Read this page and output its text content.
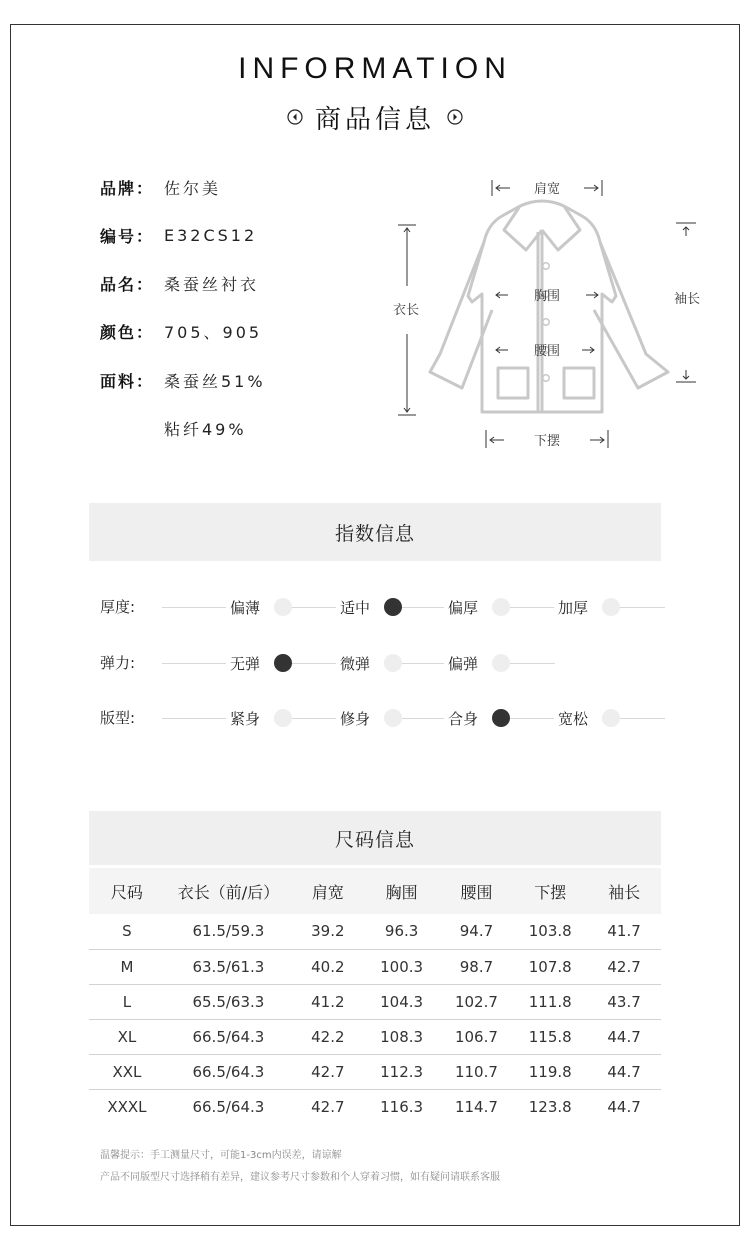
INFORMATION
商品信息
品牌： 佐尔美
编号： E32CS12
品名： 桑蚕丝衬衣
颜色： 705、905
面料： 桑蚕丝51%
粘纤49%
肩宽
下摆
衣长
袖长
胸围
腰围
指数信息
厚度:	偏薄	适中	偏厚	加厚
弹力:	无弹	微弹	偏弹
版型:	紧身	修身	合身	宽松
尺码信息
尺码	衣长（前/后）	肩宽	胸围	腰围	下摆	袖长
S	61.5/59.3	39.2	96.3	94.7	103.8	41.7
M	63.5/61.3	40.2	100.3	98.7	107.8	42.7
L	65.5/63.3	41.2	104.3	102.7	111.8	43.7
XL	66.5/64.3	42.2	108.3	106.7	115.8	44.7
XXL	66.5/64.3	42.7	112.3	110.7	119.8	44.7
XXXL	66.5/64.3	42.7	116.3	114.7	123.8	44.7
温馨提示：手工测量尺寸，可能1-3cm内误差，请谅解
产品不同版型尺寸选择稍有差异，建议参考尺寸参数和个人穿着习惯，如有疑问请联系客服
